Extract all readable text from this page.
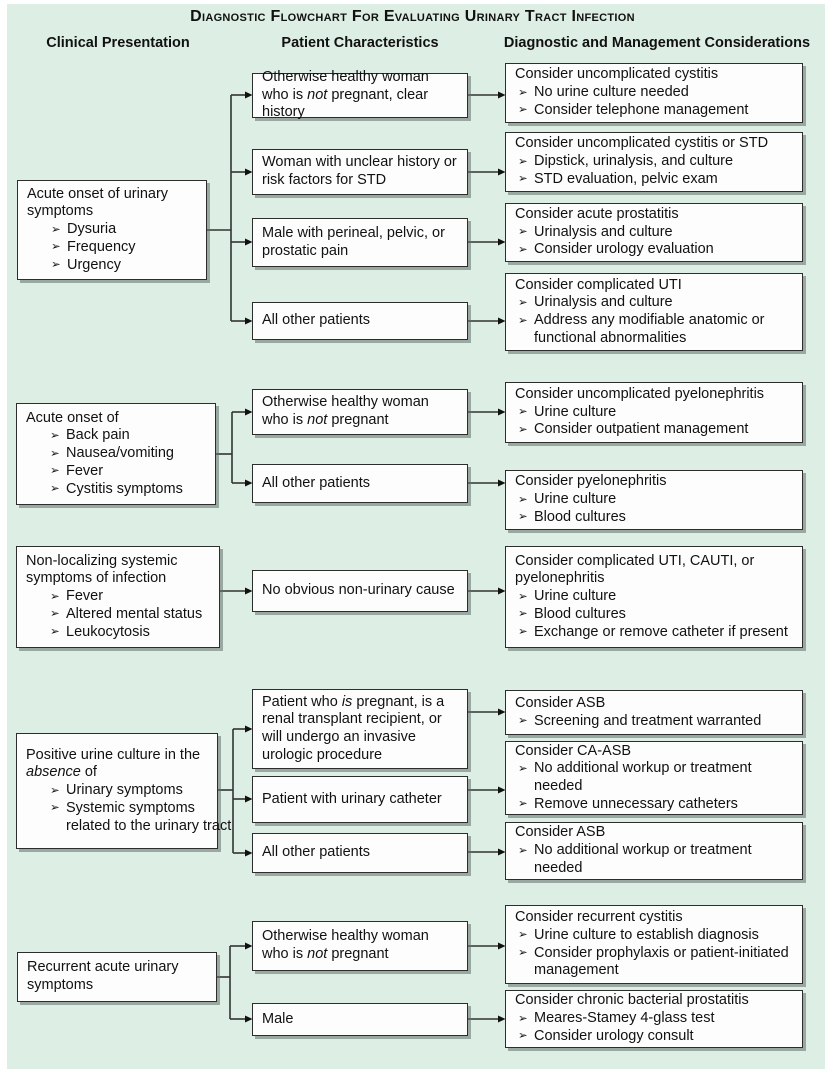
Diagnostic Flowchart For Evaluating Urinary Tract Infection
Clinical Presentation	Patient Characteristics	Diagnostic and Management Considerations
Acute onset of urinary symptoms
➢ Dysuria
➢ Frequency
➢ Urgency
Otherwise healthy woman who is not pregnant, clear history
Woman with unclear history or risk factors for STD
Male with perineal, pelvic, or prostatic pain
All other patients
Consider uncomplicated cystitis
➢ No urine culture needed
➢ Consider telephone management
Consider uncomplicated cystitis or STD
➢ Dipstick, urinalysis, and culture
➢ STD evaluation, pelvic exam
Consider acute prostatitis
➢ Urinalysis and culture
➢ Consider urology evaluation
Consider complicated UTI
➢ Urinalysis and culture
➢ Address any modifiable anatomic or functional abnormalities
Acute onset of
➢ Back pain
➢ Nausea/vomiting
➢ Fever
➢ Cystitis symptoms
Otherwise healthy woman who is not pregnant
All other patients
Consider uncomplicated pyelonephritis
➢ Urine culture
➢ Consider outpatient management
Consider pyelonephritis
➢ Urine culture
➢ Blood cultures
Non-localizing systemic symptoms of infection
➢ Fever
➢ Altered mental status
➢ Leukocytosis
No obvious non-urinary cause
Consider complicated UTI, CAUTI, or pyelonephritis
➢ Urine culture
➢ Blood cultures
➢ Exchange or remove catheter if present
Positive urine culture in the absence of
➢ Urinary symptoms
➢ Systemic symptoms related to the urinary tract
Patient who is pregnant, is a renal transplant recipient, or will undergo an invasive urologic procedure
Patient with urinary catheter
All other patients
Consider ASB
➢ Screening and treatment warranted
Consider CA-ASB
➢ No additional workup or treatment needed
➢ Remove unnecessary catheters
Consider ASB
➢ No additional workup or treatment needed
Recurrent acute urinary symptoms
Otherwise healthy woman who is not pregnant
Male
Consider recurrent cystitis
➢ Urine culture to establish diagnosis
➢ Consider prophylaxis or patient-initiated management
Consider chronic bacterial prostatitis
➢ Meares-Stamey 4-glass test
➢ Consider urology consult
